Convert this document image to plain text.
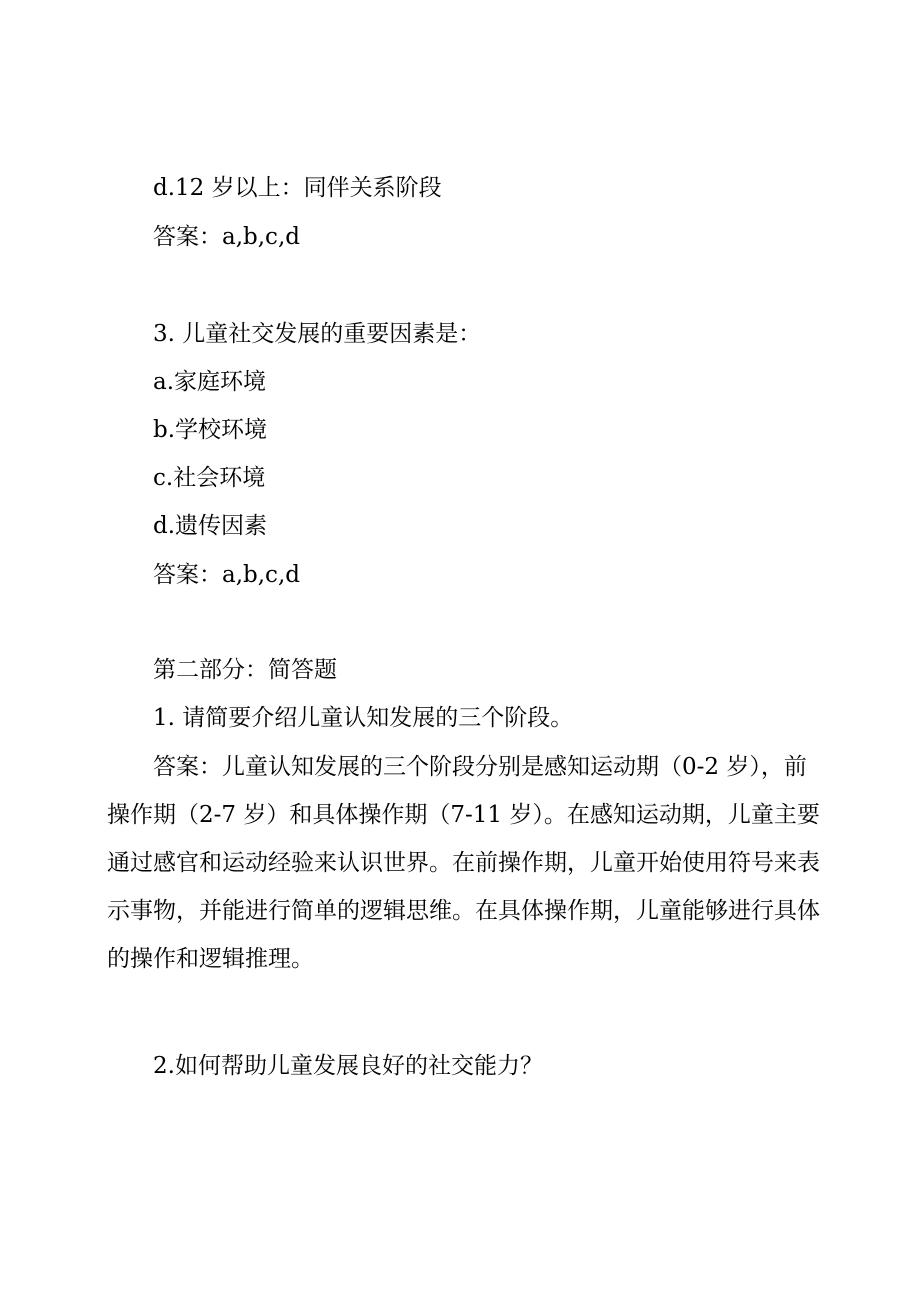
d.12 岁以上：同伴关系阶段
答案：a,b,c,d
3. 儿童社交发展的重要因素是：
a.家庭环境
b.学校环境
c.社会环境
d.遗传因素
答案：a,b,c,d
第二部分：简答题
1. 请简要介绍儿童认知发展的三个阶段。

答案：儿童认知发展的三个阶段分别是感知运动期（0-2 岁），前操作期（2-7 岁）和具体操作期（7-11 岁）。在感知运动期，儿童主要通过感官和运动经验来认识世界。在前操作期，儿童开始使用符号来表示事物，并能进行简单的逻辑思维。在具体操作期，儿童能够进行具体的操作和逻辑推理。

2.如何帮助儿童发展良好的社交能力？
